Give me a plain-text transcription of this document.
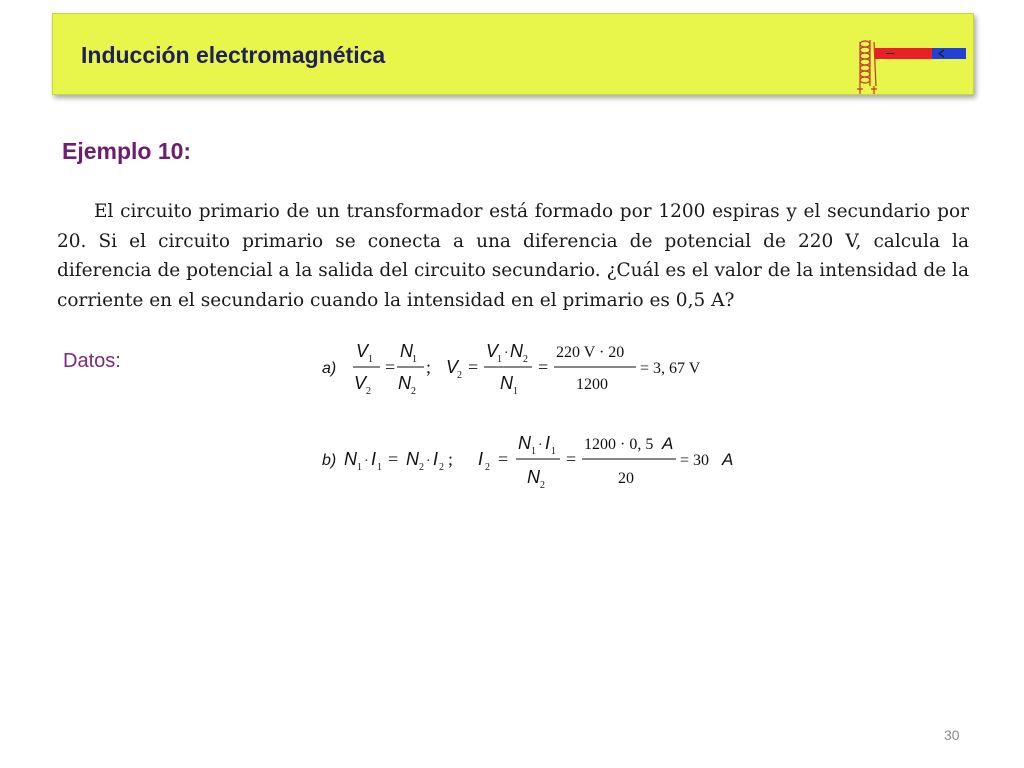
Inducción electromagnética
Ejemplo 10:
El circuito primario de un transformador está formado por 1200 espiras y el secundario por 20. Si el circuito primario se conecta a una diferencia de potencial de 220 V, calcula la diferencia de potencial a la salida del circuito secundario. ¿Cuál es el valor de la intensidad de la corriente en el secundario cuando la intensidad en el primario es 0,5 A?
Datos:	a)
V 1
V 2
=
N 1
N 2
; V
2 =
V
1 · N 2
N 1
=
220 V · 20
1200
= 3, 67 V
b) N 1 · I 1 = N 2 · I 2 ; I 2 =
N 1 · I 1
N 2
=
1200 · 0, 5 A
20
= 30 A
30
